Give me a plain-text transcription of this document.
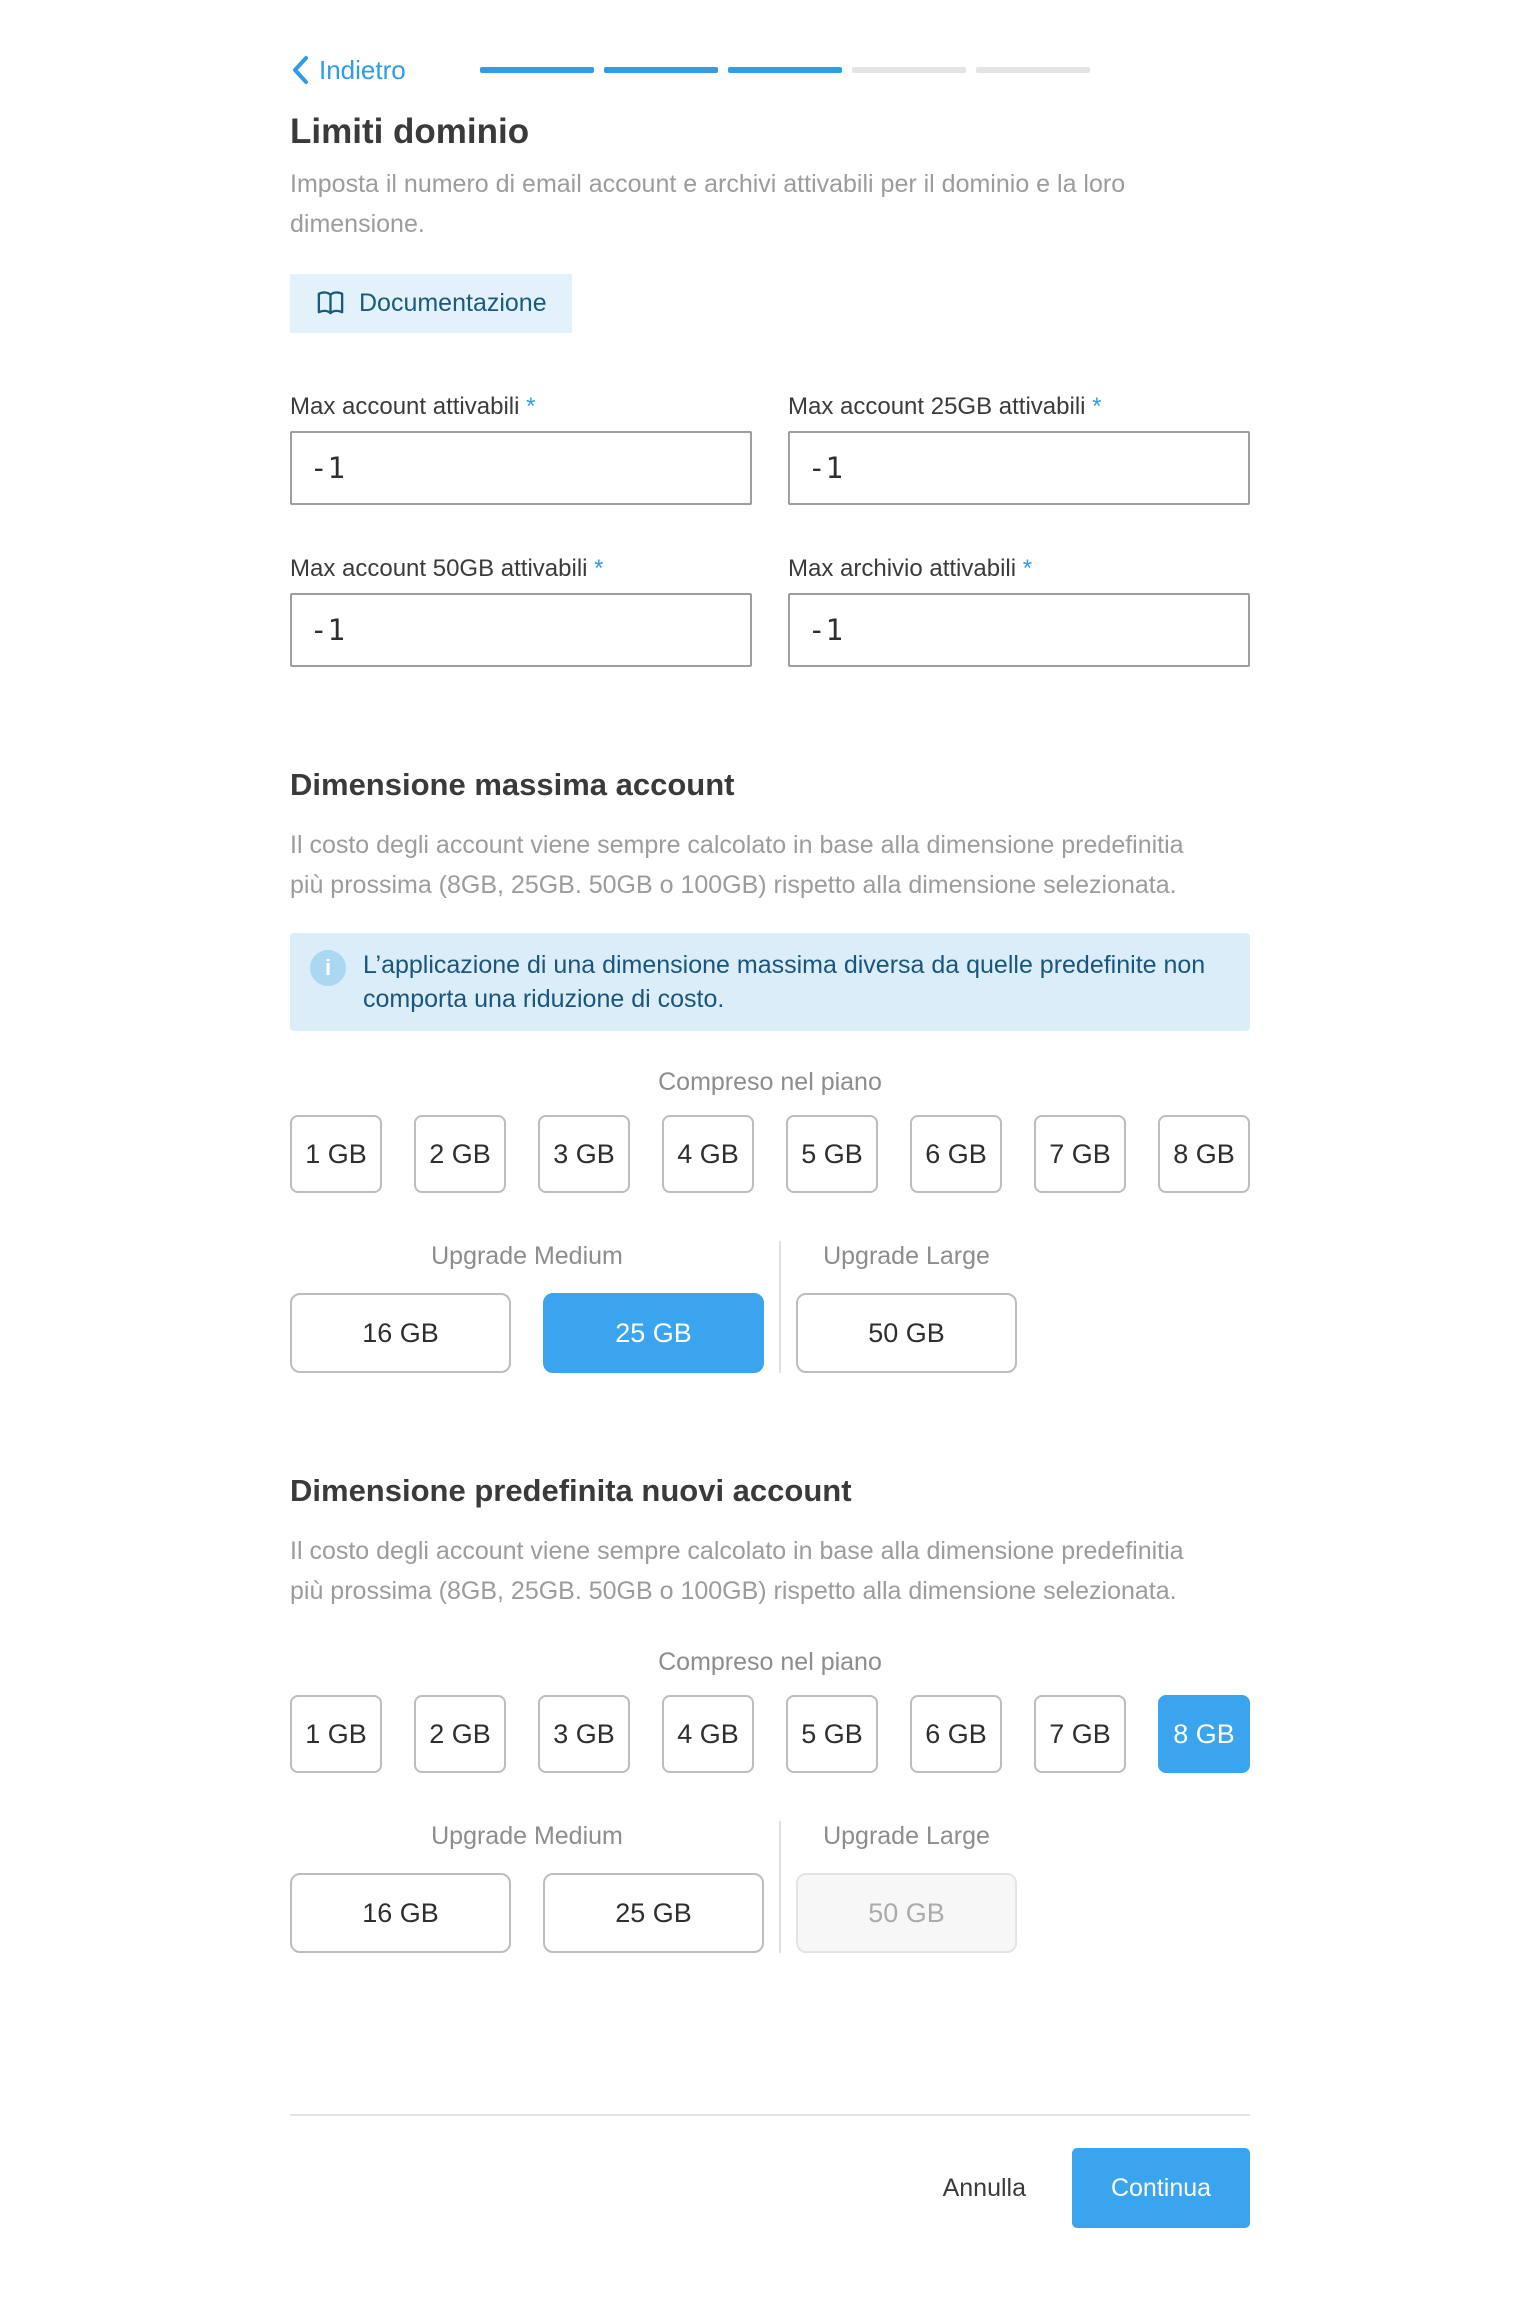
Indietro
Limiti dominio

Imposta il numero di email account e archivi attivabili per il dominio e la loro dimensione.

Documentazione
Max account attivabili *
-1	Max account 25GB attivabili *
-1
Max account 50GB attivabili *
-1	Max archivio attivabili *
-1
Dimensione massima account

Il costo degli account viene sempre calcolato in base alla dimensione predefinitia più prossima (8GB, 25GB. 50GB o 100GB) rispetto alla dimensione selezionata.

i	L’applicazione di una dimensione massima diversa da quelle predefinite non comporta una riduzione di costo.
Compreso nel piano
1 GB	2 GB	3 GB	4 GB	5 GB	6 GB	7 GB	8 GB
Upgrade Medium
16 GB	25 GB
Upgrade Large
50 GB
Dimensione predefinita nuovi account

Il costo degli account viene sempre calcolato in base alla dimensione predefinitia più prossima (8GB, 25GB. 50GB o 100GB) rispetto alla dimensione selezionata.

Compreso nel piano
1 GB	2 GB	3 GB	4 GB	5 GB	6 GB	7 GB	8 GB
Upgrade Medium
16 GB	25 GB
Upgrade Large
50 GB
Annulla	Continua
